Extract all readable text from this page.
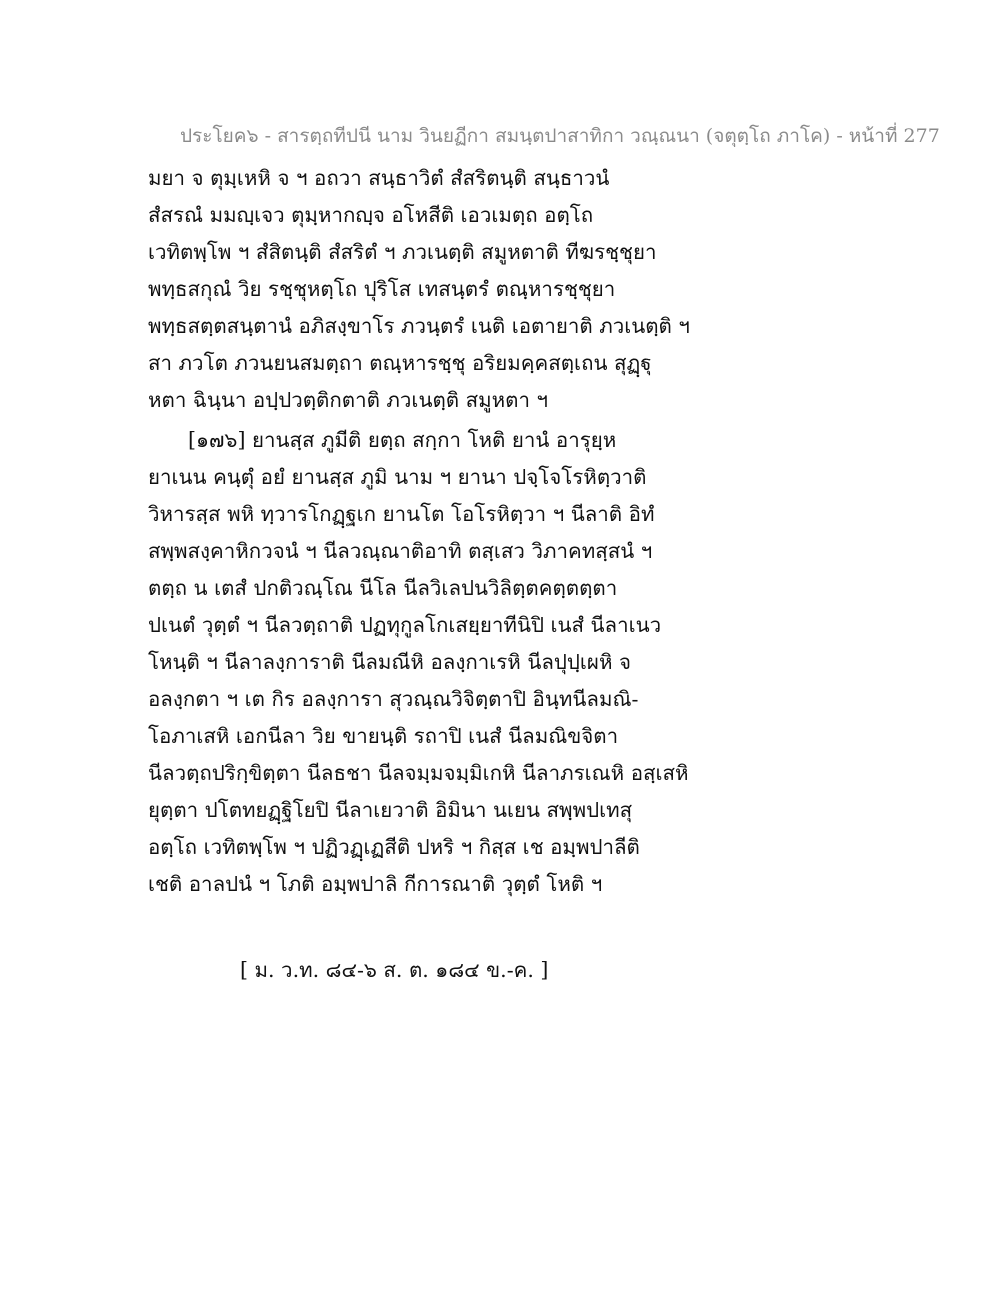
ประโยค๖ - สารตฺถทีปนี นาม วินยฏีกา สมนฺตปาสาทิกา วณฺณนา (จตุตฺโถ ภาโค) - หน้าที่ 277
มยา จ ตุมฺเหหิ จ ฯ อถวา สนฺธาวิตํ สํสริตนฺติ สนฺธาวนํ
สํสรณํ มมญฺเจว ตุมฺหากญฺจ อโหสีติ เอวเมตฺถ อตฺโถ
เวทิตพฺโพ ฯ สํสิตนฺติ สํสริตํ ฯ ภวเนตฺติ สมูหตาติ ทีฆรชฺชุยา
พทฺธสกุณํ วิย รชฺชุหตฺโถ ปุริโส เทสนฺตรํ ตณฺหารชฺชุยา
พทฺธสตฺตสนฺตานํ อภิสงฺขาโร ภวนฺตรํ เนติ เอตายาติ ภวเนตฺติ ฯ
สา ภวโต ภวนยนสมตฺถา ตณฺหารชฺชุ อริยมคฺคสตฺเถน สุฏฺฐุ
หตา ฉินฺนา อปฺปวตฺติกตาติ ภวเนตฺติ สมูหตา ฯ
[๑๗๖] ยานสฺส ภูมีติ ยตฺถ สกฺกา โหติ ยานํ อารุยฺห
ยาเนน คนฺตุํ อยํ ยานสฺส ภูมิ นาม ฯ ยานา ปจฺโจโรหิตฺวาติ
วิหารสฺส พหิ ทฺวารโกฏฺฐเก ยานโต โอโรหิตฺวา ฯ นีลาติ อิทํ
สพฺพสงฺคาหิกวจนํ ฯ นีลวณฺณาติอาทิ ตสฺเสว วิภาคทสฺสนํ ฯ
ตตฺถ น เตสํ ปกติวณฺโณ นีโล นีลวิเลปนวิลิตฺตคตฺตตฺตา
ปเนตํ วุตฺตํ ฯ นีลวตฺถาติ ปฏทุกูลโกเสยฺยาทีนิปิ เนสํ นีลาเนว
โหนฺติ ฯ นีลาลงฺการาติ นีลมณีหิ อลงฺกาเรหิ นีลปุปฺเผหิ จ
อลงฺกตา ฯ เต กิร อลงฺการา สุวณฺณวิจิตฺตาปิ อินฺทนีลมณิ-
โอภาเสหิ เอกนีลา วิย ขายนฺติ รถาปิ เนสํ นีลมณิขจิตา
นีลวตฺถปริกฺขิตฺตา นีลธชา นีลจมฺมจมฺมิเกหิ นีลาภรเณหิ อสฺเสหิ
ยุตฺตา ปโตทยฏฺฐิโยปิ นีลาเยวาติ อิมินา นเยน สพฺพปเทสุ
อตฺโถ เวทิตพฺโพ ฯ ปฏิวฏฺเฏสีติ ปหริ ฯ กิสฺส เช อมฺพปาลีติ
เชติ อาลปนํ ฯ โภติ อมฺพปาลิ กีการณาติ วุตฺตํ โหติ ฯ
[ ม. ว.ท. ๘๔-๖ ส. ต. ๑๘๔ ข.-ค. ]
